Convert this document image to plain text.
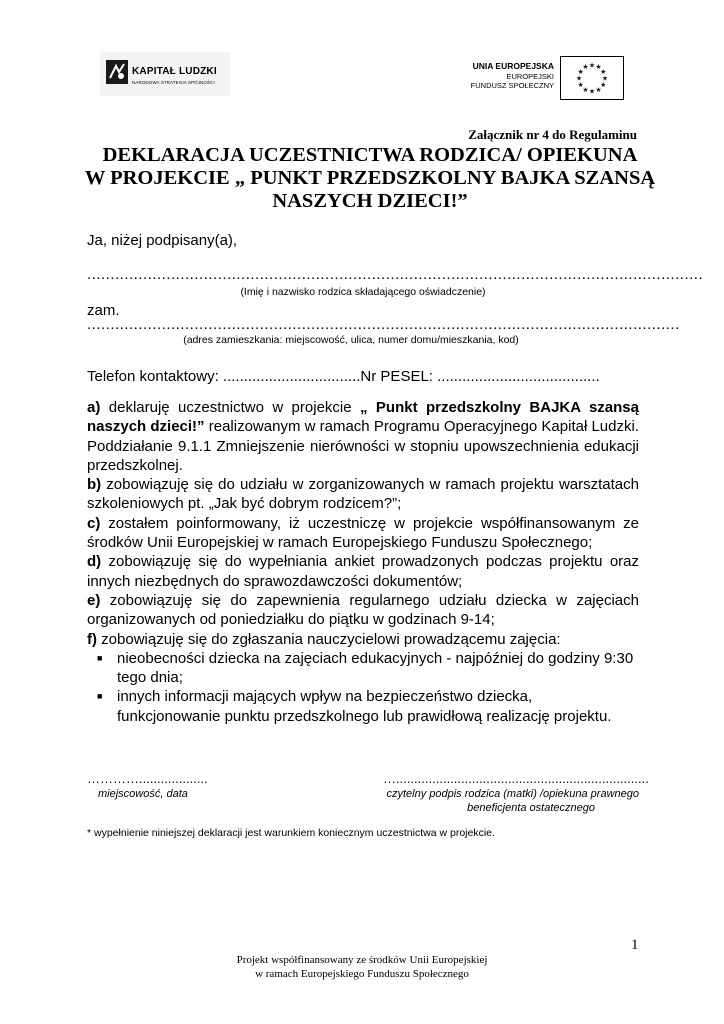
KAPITAŁ LUDZKI
NARODOWA STRATEGIA SPÓJNOŚCI
UNIA EUROPEJSKA
EUROPEJSKI
FUNDUSZ SPOŁECZNY
★ ★
★
★
★
★
★
★
★
★
★
★
Załącznik nr 4 do Regulaminu
DEKLARACJA UCZESTNICTWA RODZICA/ OPIEKUNA
W PROJEKCIE „ PUNKT PRZEDSZKOLNY BAJKA SZANSĄ
NASZYCH DZIECI!”
Ja, niżej podpisany(a),
....................................................................................................................................
(Imię i nazwisko rodzica składającego oświadczenie)
zam.
...............................................................................................................................
(adres zamieszkania: miejscowość, ulica, numer domu/mieszkania, kod)
Telefon kontaktowy: .................................Nr PESEL: .......................................

a) deklaruję uczestnictwo w projekcie „ Punkt przedszkolny BAJKA szansą naszych dzieci!” realizowanym w ramach Programu Operacyjnego Kapitał Ludzki. Poddziałanie 9.1.1 Zmniejszenie nierówności w stopniu upowszechnienia edukacji przedszkolnej.

b) zobowiązuję się do udziału w zorganizowanych w ramach projektu warsztatach szkoleniowych pt. „Jak być dobrym rodzicem?”;

c) zostałem poinformowany, iż uczestniczę w projekcie współfinansowanym ze środków Unii Europejskiej w ramach Europejskiego Funduszu Społecznego;

d) zobowiązuję się do wypełniania ankiet prowadzonych podczas projektu oraz innych niezbędnych do sprawozdawczości dokumentów;

e) zobowiązuję się do zapewnienia regularnego udziału dziecka w zajęciach organizowanych od poniedziałku do piątku w godzinach 9-14;

f) zobowiązuję się do zgłaszania nauczycielowi prowadzącemu zajęcia:

■ nieobecności dziecka na zajęciach edukacyjnych - najpóźniej do godziny 9:30 tego dnia;
■ innych informacji mających wpływ na bezpieczeństwo dziecka, funkcjonowanie punktu przedszkolnego lub prawidłową realizację projektu.
…………...................
miejscowość, data
…......................................................................
czytelny podpis rodzica (matki) /opiekuna prawnego
beneficjenta ostatecznego
* wypełnienie niniejszej deklaracji jest warunkiem koniecznym uczestnictwa w projekcie.
1
Projekt współfinansowany ze środków Unii Europejskiej
w ramach Europejskiego Funduszu Społecznego
